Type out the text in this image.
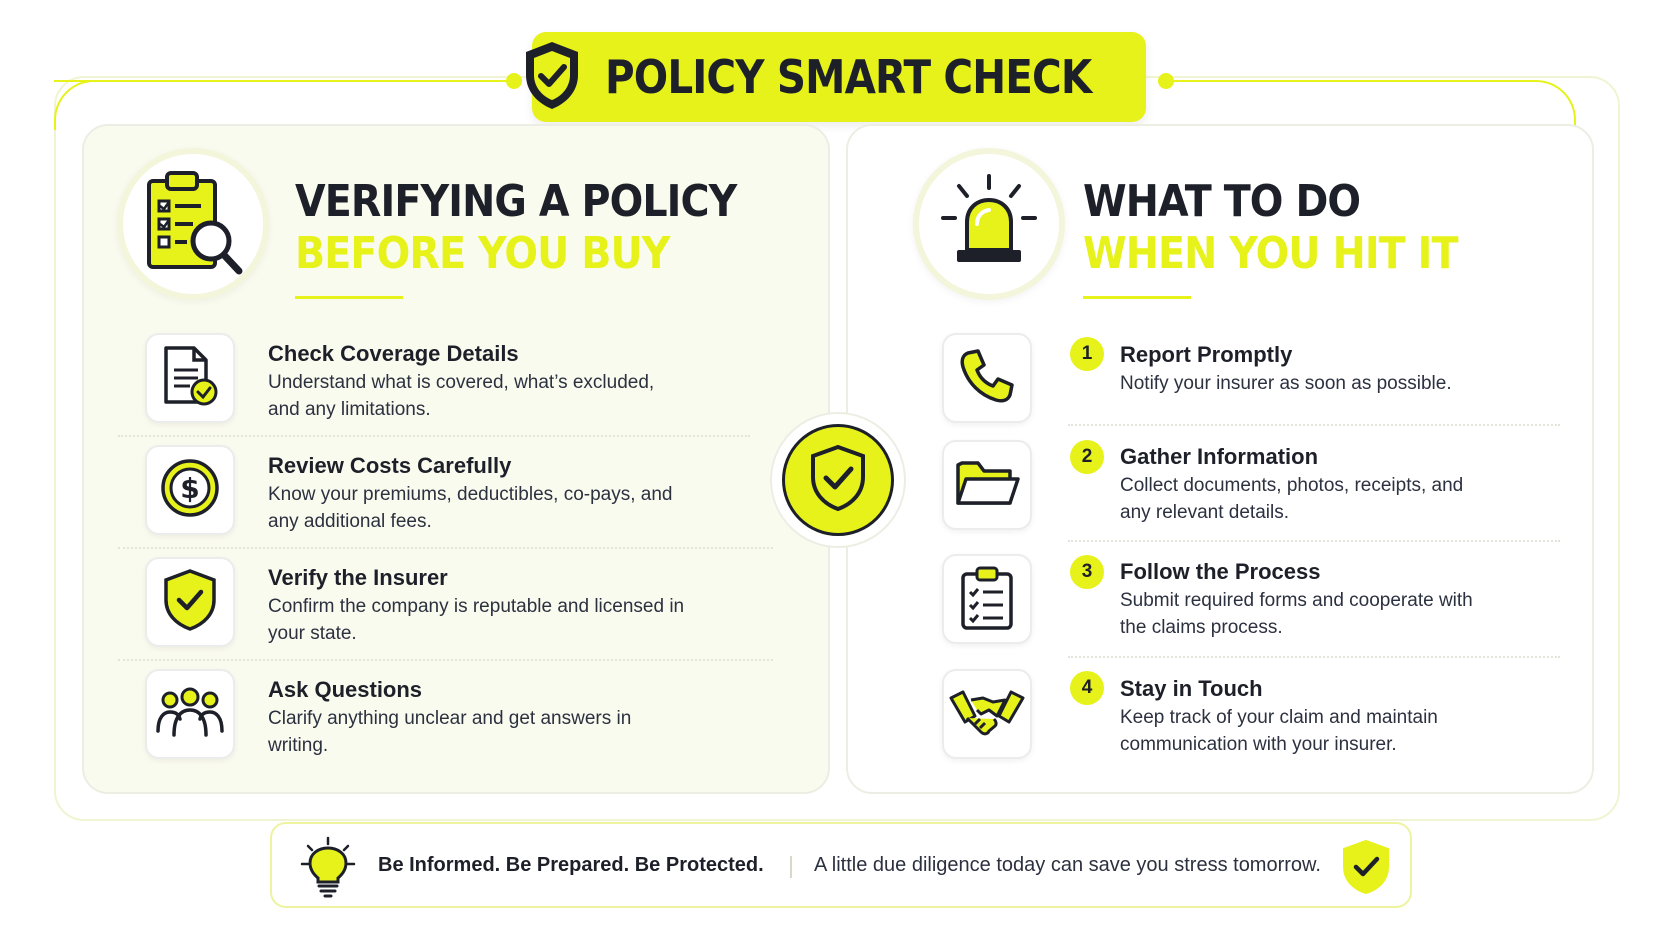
POLICY SMART CHECK
VERIFYING A POLICY
BEFORE YOU BUY
Check Coverage Details
Understand what is covered, what’s excluded, and any limitations.
$
Review Costs Carefully
Know your premiums, deductibles, co-pays, and any additional fees.
Verify the Insurer
Confirm the company is reputable and licensed in your state.
Ask Questions
Clarify anything unclear and get answers in writing.
WHAT TO DO
WHEN YOU HIT IT
1	Report Promptly
Notify your insurer as soon as possible.
2	Gather Information
Collect documents, photos, receipts, and any relevant details.
3	Follow the Process
Submit required forms and cooperate with the claims process.
4	Stay in Touch
Keep track of your claim and maintain communication with your insurer.
Be Informed. Be Prepared. Be Protected.	A little due diligence today can save you stress tomorrow.
